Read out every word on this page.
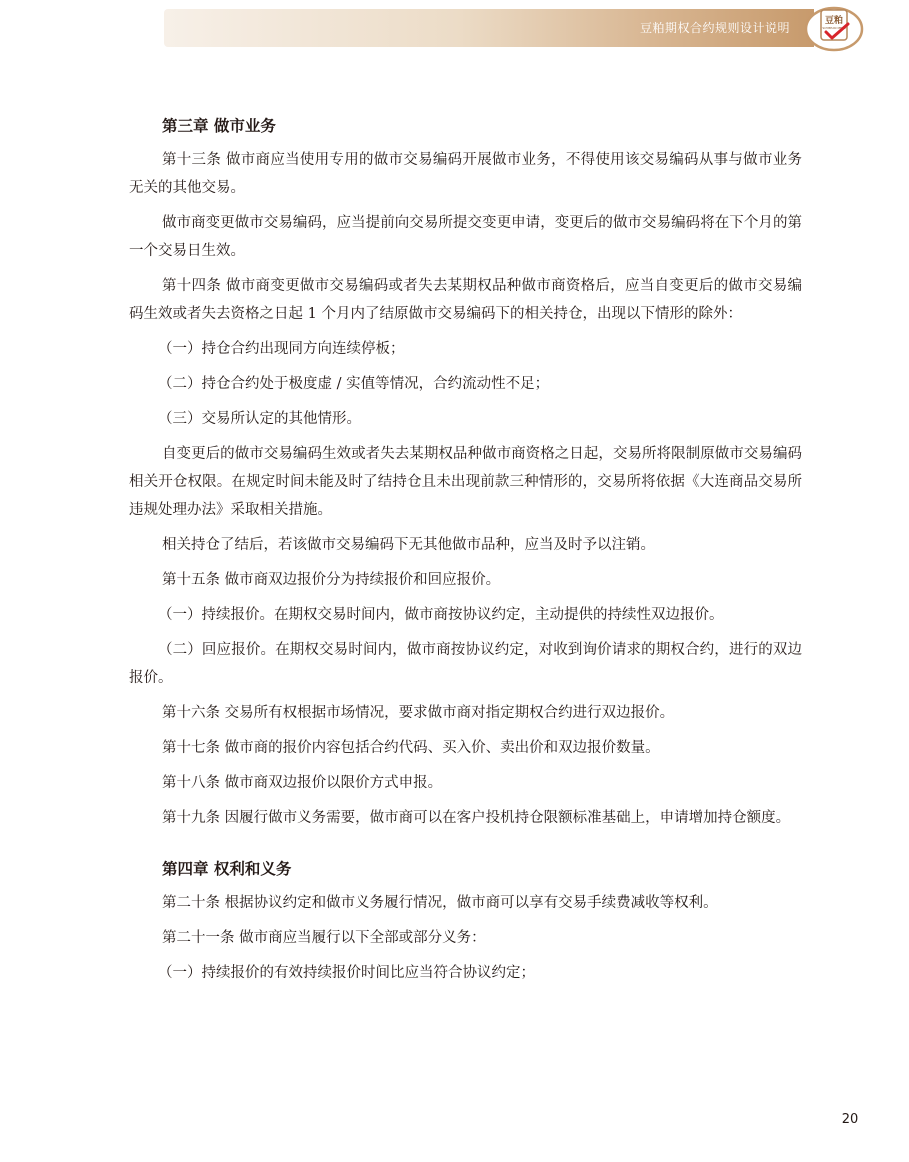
豆粕期权合约规则设计说明	豆粕
SOYBEAN MEAL
第三章 做市业务

第十三条 做市商应当使用专用的做市交易编码开展做市业务，不得使用该交易编码从事与做市业务无关的其他交易。

做市商变更做市交易编码，应当提前向交易所提交变更申请，变更后的做市交易编码将在下个月的第一个交易日生效。

第十四条 做市商变更做市交易编码或者失去某期权品种做市商资格后，应当自变更后的做市交易编码生效或者失去资格之日起 1 个月内了结原做市交易编码下的相关持仓，出现以下情形的除外：

（一）持仓合约出现同方向连续停板；

（二）持仓合约处于极度虚 / 实值等情况，合约流动性不足；

（三）交易所认定的其他情形。

自变更后的做市交易编码生效或者失去某期权品种做市商资格之日起，交易所将限制原做市交易编码相关开仓权限。在规定时间未能及时了结持仓且未出现前款三种情形的，交易所将依据《大连商品交易所违规处理办法》采取相关措施。

相关持仓了结后，若该做市交易编码下无其他做市品种，应当及时予以注销。

第十五条 做市商双边报价分为持续报价和回应报价。

（一）持续报价。在期权交易时间内，做市商按协议约定，主动提供的持续性双边报价。

（二）回应报价。在期权交易时间内，做市商按协议约定，对收到询价请求的期权合约，进行的双边报价。

第十六条 交易所有权根据市场情况，要求做市商对指定期权合约进行双边报价。

第十七条 做市商的报价内容包括合约代码、买入价、卖出价和双边报价数量。

第十八条 做市商双边报价以限价方式申报。

第十九条 因履行做市义务需要，做市商可以在客户投机持仓限额标准基础上，申请增加持仓额度。

第四章 权利和义务

第二十条 根据协议约定和做市义务履行情况，做市商可以享有交易手续费减收等权利。

第二十一条 做市商应当履行以下全部或部分义务：

（一）持续报价的有效持续报价时间比应当符合协议约定；

20
